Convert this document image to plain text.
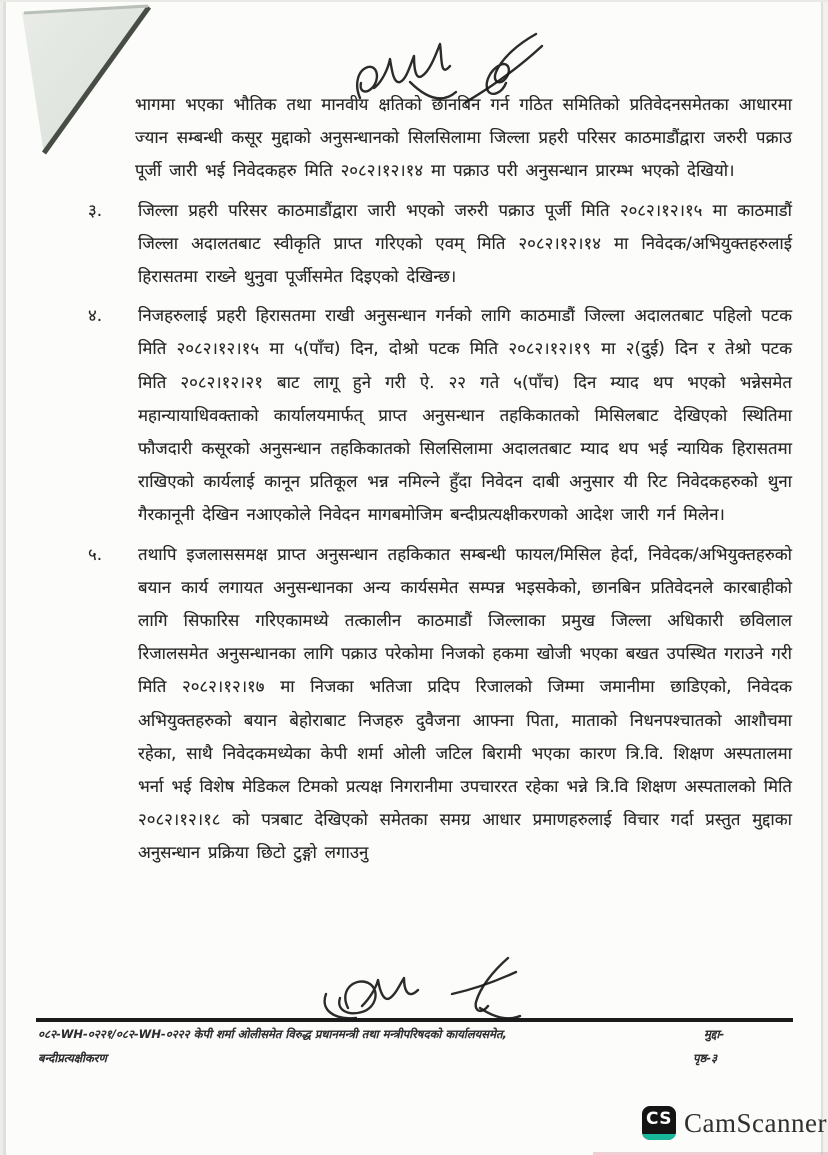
भागमा भएका भौतिक तथा मानवीय क्षतिको छानबिन गर्न गठित समितिको प्रतिवेदनसमेतका आधारमा ज्यान सम्बन्धी कसूर मुद्दाको अनुसन्धानको सिलसिलामा जिल्ला प्रहरी परिसर काठमाडौंद्वारा जरुरी पक्राउ पूर्जी जारी भई निवेदकहरु मिति २०८२।१२।१४ मा पक्राउ परी अनुसन्धान प्रारम्भ भएको देखियो।
३.	जिल्ला प्रहरी परिसर काठमाडौंद्वारा जारी भएको जरुरी पक्राउ पूर्जी मिति २०८२।१२।१५ मा काठमाडौं जिल्ला अदालतबाट स्वीकृति प्राप्त गरिएको एवम् मिति २०८२।१२।१४ मा निवेदक/अभियुक्तहरुलाई हिरासतमा राख्ने थुनुवा पूर्जीसमेत दिइएको देखिन्छ।
४.	निजहरुलाई प्रहरी हिरासतमा राखी अनुसन्धान गर्नको लागि काठमाडौं जिल्ला अदालतबाट पहिलो पटक मिति २०८२।१२।१५ मा ५(पाँच) दिन, दोश्रो पटक मिति २०८२।१२।१९ मा २(दुई) दिन र तेश्रो पटक मिति २०८२।१२।२१ बाट लागू हुने गरी ऐ. २२ गते ५(पाँच) दिन म्याद थप भएको भन्नेसमेत महान्यायाधिवक्ताको कार्यालयमार्फत् प्राप्त अनुसन्धान तहकिकातको मिसिलबाट देखिएको स्थितिमा फौजदारी कसूरको अनुसन्धान तहकिकातको सिलसिलामा अदालतबाट म्याद थप भई न्यायिक हिरासतमा राखिएको कार्यलाई कानून प्रतिकूल भन्न नमिल्ने हुँदा निवेदन दाबी अनुसार यी रिट निवेदकहरुको थुना गैरकानूनी देखिन नआएकोले निवेदन मागबमोजिम बन्दीप्रत्यक्षीकरणको आदेश जारी गर्न मिलेन।
५.	तथापि इजलाससमक्ष प्राप्त अनुसन्धान तहकिकात सम्बन्धी फायल/मिसिल हेर्दा, निवेदक/अभियुक्तहरुको बयान कार्य लगायत अनुसन्धानका अन्य कार्यसमेत सम्पन्न भइसकेको, छानबिन प्रतिवेदनले कारबाहीको लागि सिफारिस गरिएकामध्ये तत्कालीन काठमाडौं जिल्लाका प्रमुख जिल्ला अधिकारी छविलाल रिजालसमेत अनुसन्धानका लागि पक्राउ परेकोमा निजको हकमा खोजी भएका बखत उपस्थित गराउने गरी मिति २०८२।१२।१७ मा निजका भतिजा प्रदिप रिजालको जिम्मा जमानीमा छाडिएको, निवेदक अभियुक्तहरुको बयान बेहोराबाट निजहरु दुवैजना आफ्ना पिता, माताको निधनपश्चातको आशौचमा रहेका, साथै निवेदकमध्येका केपी शर्मा ओली जटिल बिरामी भएका कारण त्रि.वि. शिक्षण अस्पतालमा भर्ना भई विशेष मेडिकल टिमको प्रत्यक्ष निगरानीमा उपचाररत रहेका भन्ने त्रि.वि शिक्षण अस्पतालको मिति २०८२।१२।१८ को पत्रबाट देखिएको समेतका समग्र आधार प्रमाणहरुलाई विचार गर्दा प्रस्तुत मुद्दाका अनुसन्धान प्रक्रिया छिटो टुङ्गो लगाउनु
०८२-WH-०२२१/०८२-WH-०२२२ केपी शर्मा ओलीसमेत विरुद्ध प्रधानमन्त्री तथा मन्त्रीपरिषदको कार्यालयसमेत,	मुद्दा-
बन्दीप्रत्यक्षीकरण	पृष्ठ-३
CS CamScanner
